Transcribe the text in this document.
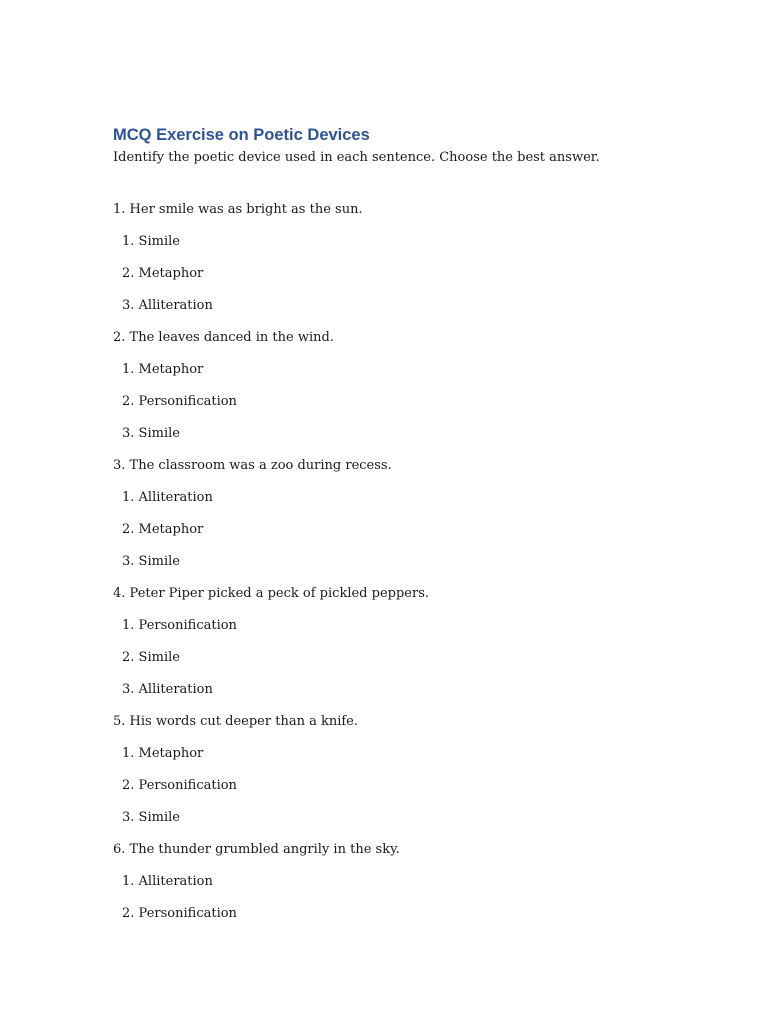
MCQ Exercise on Poetic Devices

Identify the poetic device used in each sentence. Choose the best answer.

1 . Her smile was as bright as the sun.
1 . Simile
2 . Metaphor
3 . Alliteration
2 . The leaves danced in the wind.
1 . Metaphor
2 . Personification
3 . Simile
3 . The classroom was a zoo during recess.
1 . Alliteration
2 . Metaphor
3 . Simile
4 . Peter Piper picked a peck of pickled peppers.
1 . Personification
2 . Simile
3 . Alliteration
5 . His words cut deeper than a knife.
1 . Metaphor
2 . Personification
3 . Simile
6 . The thunder grumbled angrily in the sky.
1 . Alliteration
2 . Personification
